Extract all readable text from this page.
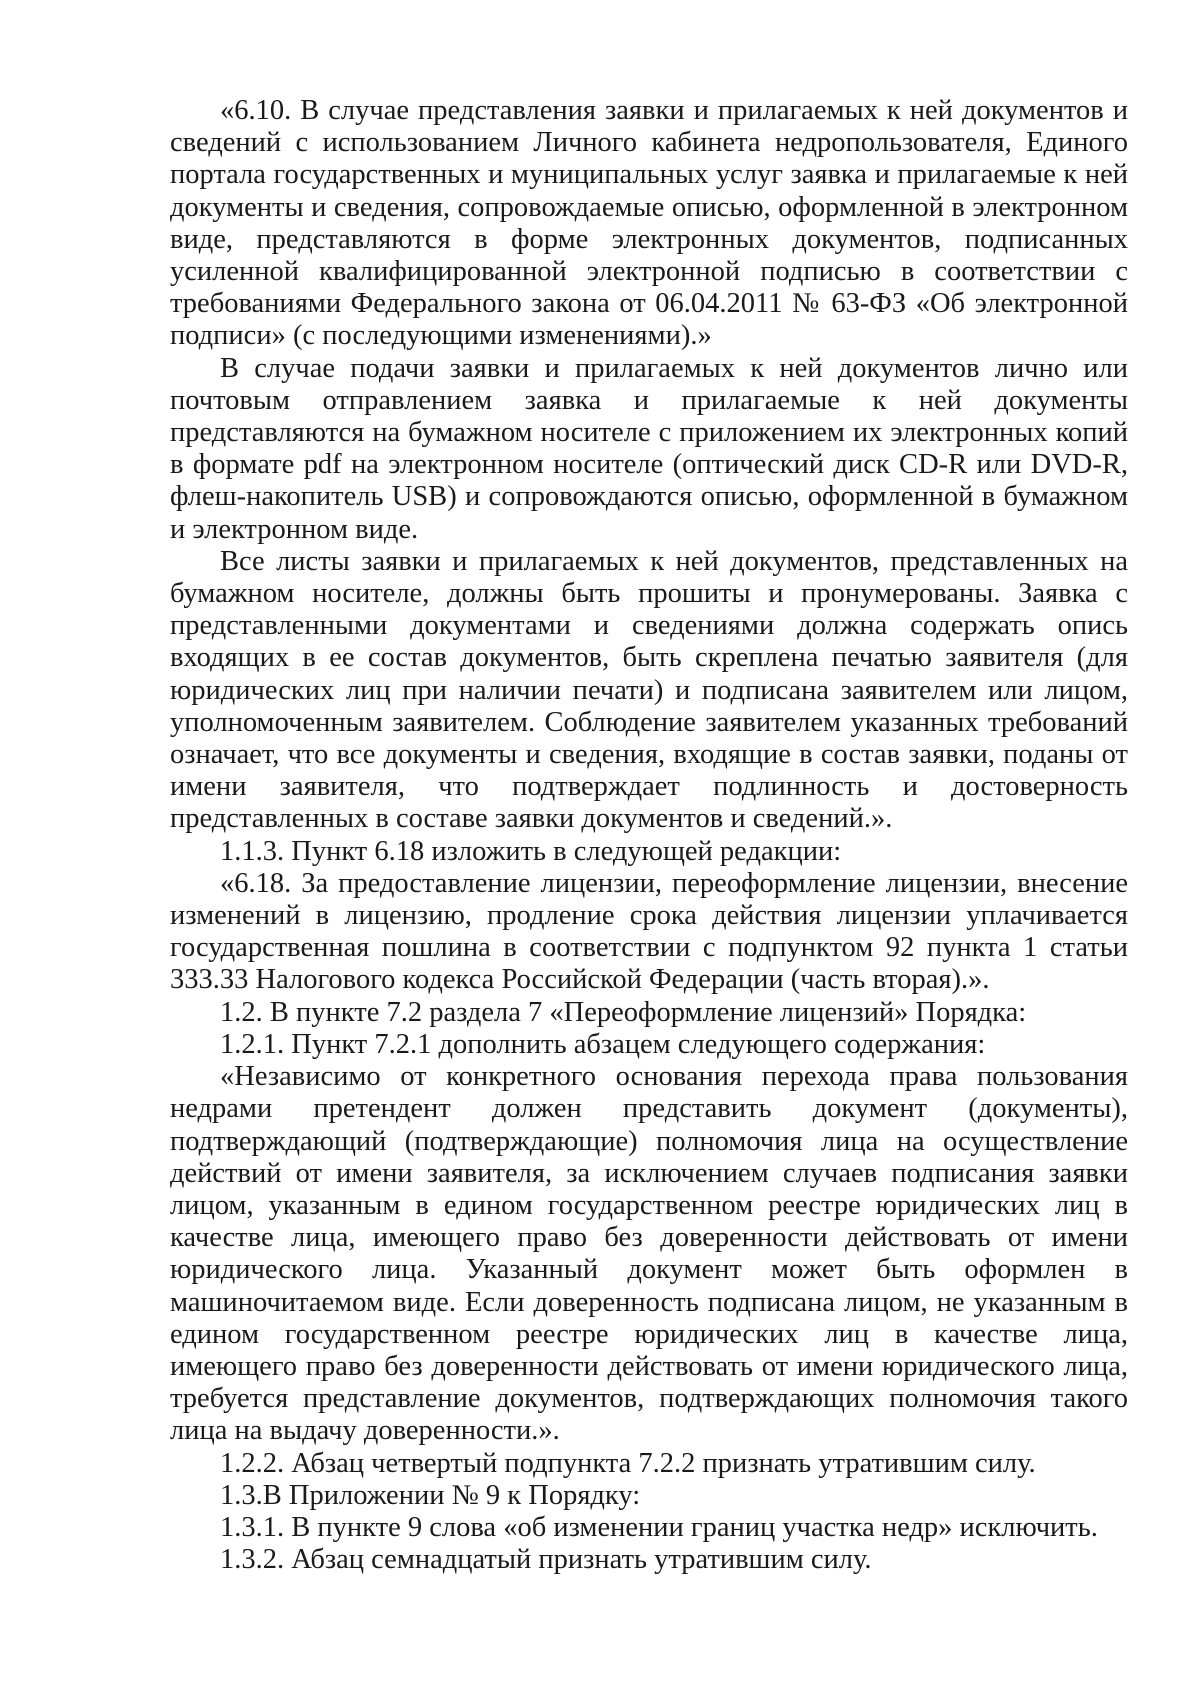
«6.10. В случае представления заявки и прилагаемых к ней документов и сведений с использованием Личного кабинета недропользователя, Единого портала государственных и муниципальных услуг заявка и прилагаемые к ней документы и сведения, сопровождаемые описью, оформленной в электронном виде, представляются в форме электронных документов, подписанных усиленной квалифицированной электронной подписью в соответствии с требованиями Федерального закона от 06.04.2011 № 63-ФЗ «Об электронной подписи» (с последующими изменениями).»

В случае подачи заявки и прилагаемых к ней документов лично или почтовым отправлением заявка и прилагаемые к ней документы представляются на бумажном носителе с приложением их электронных копий в формате pdf на электронном носителе (оптический диск CD-R или DVD-R, флеш-накопитель USB) и сопровождаются описью, оформленной в бумажном и электронном виде.

Все листы заявки и прилагаемых к ней документов, представленных на бумажном носителе, должны быть прошиты и пронумерованы. Заявка с представленными документами и сведениями должна содержать опись входящих в ее состав документов, быть скреплена печатью заявителя (для юридических лиц при наличии печати) и подписана заявителем или лицом, уполномоченным заявителем. Соблюдение заявителем указанных требований означает, что все документы и сведения, входящие в состав заявки, поданы от имени заявителя, что подтверждает подлинность и достоверность представленных в составе заявки документов и сведений.».

1.1.3. Пункт 6.18 изложить в следующей редакции:

«6.18. За предоставление лицензии, переоформление лицензии, внесение изменений в лицензию, продление срока действия лицензии уплачивается государственная пошлина в соответствии с подпунктом 92 пункта 1 статьи 333.33 Налогового кодекса Российской Федерации (часть вторая).».

1.2. В пункте 7.2 раздела 7 «Переоформление лицензий» Порядка:

1.2.1. Пункт 7.2.1 дополнить абзацем следующего содержания:

«Независимо от конкретного основания перехода права пользования недрами претендент должен представить документ (документы), подтверждающий (подтверждающие) полномочия лица на осуществление действий от имени заявителя, за исключением случаев подписания заявки лицом, указанным в едином государственном реестре юридических лиц в качестве лица, имеющего право без доверенности действовать от имени юридического лица. Указанный документ может быть оформлен в машиночитаемом виде. Если доверенность подписана лицом, не указанным в едином государственном реестре юридических лиц в качестве лица, имеющего право без доверенности действовать от имени юридического лица, требуется представление документов, подтверждающих полномочия такого лица на выдачу доверенности.».

1.2.2. Абзац четвертый подпункта 7.2.2 признать утратившим силу.

1.3.В Приложении № 9 к Порядку:

1.3.1. В пункте 9 слова «об изменении границ участка недр» исключить.

1.3.2. Абзац семнадцатый признать утратившим силу.
